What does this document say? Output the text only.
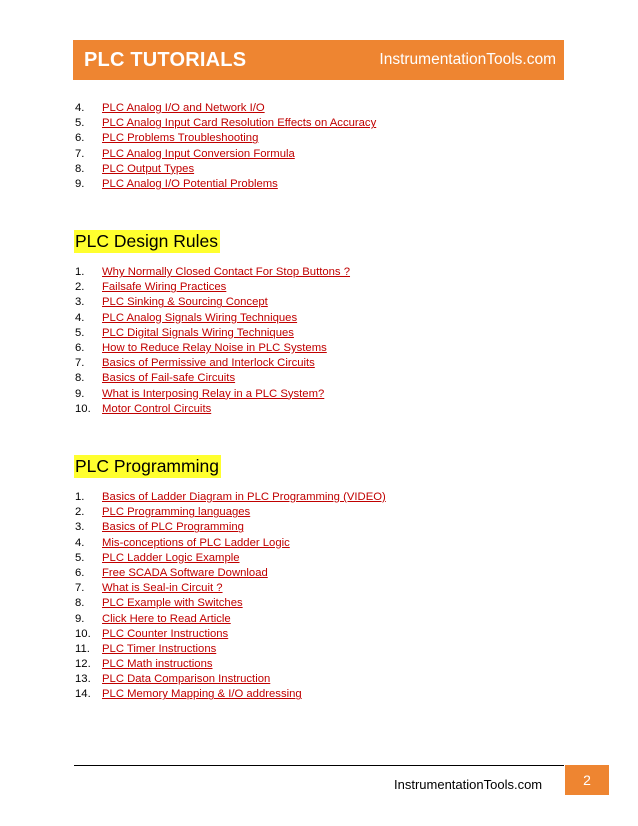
PLC TUTORIALS	InstrumentationTools.com
4. PLC Analog I/O and Network I/O
5. PLC Analog Input Card Resolution Effects on Accuracy
6. PLC Problems Troubleshooting
7. PLC Analog Input Conversion Formula
8. PLC Output Types
9. PLC Analog I/O Potential Problems
PLC Design Rules
1. Why Normally Closed Contact For Stop Buttons ?
2. Failsafe Wiring Practices
3. PLC Sinking & Sourcing Concept
4. PLC Analog Signals Wiring Techniques
5. PLC Digital Signals Wiring Techniques
6. How to Reduce Relay Noise in PLC Systems
7. Basics of Permissive and Interlock Circuits
8. Basics of Fail-safe Circuits
9. What is Interposing Relay in a PLC System?
10. Motor Control Circuits
PLC Programming
1. Basics of Ladder Diagram in PLC Programming (VIDEO)
2. PLC Programming languages
3. Basics of PLC Programming
4. Mis-conceptions of PLC Ladder Logic
5. PLC Ladder Logic Example
6. Free SCADA Software Download
7. What is Seal-in Circuit ?
8. PLC Example with Switches
9. Click Here to Read Article
10. PLC Counter Instructions
11. PLC Timer Instructions
12. PLC Math instructions
13. PLC Data Comparison Instruction
14. PLC Memory Mapping & I/O addressing
InstrumentationTools.com	2
